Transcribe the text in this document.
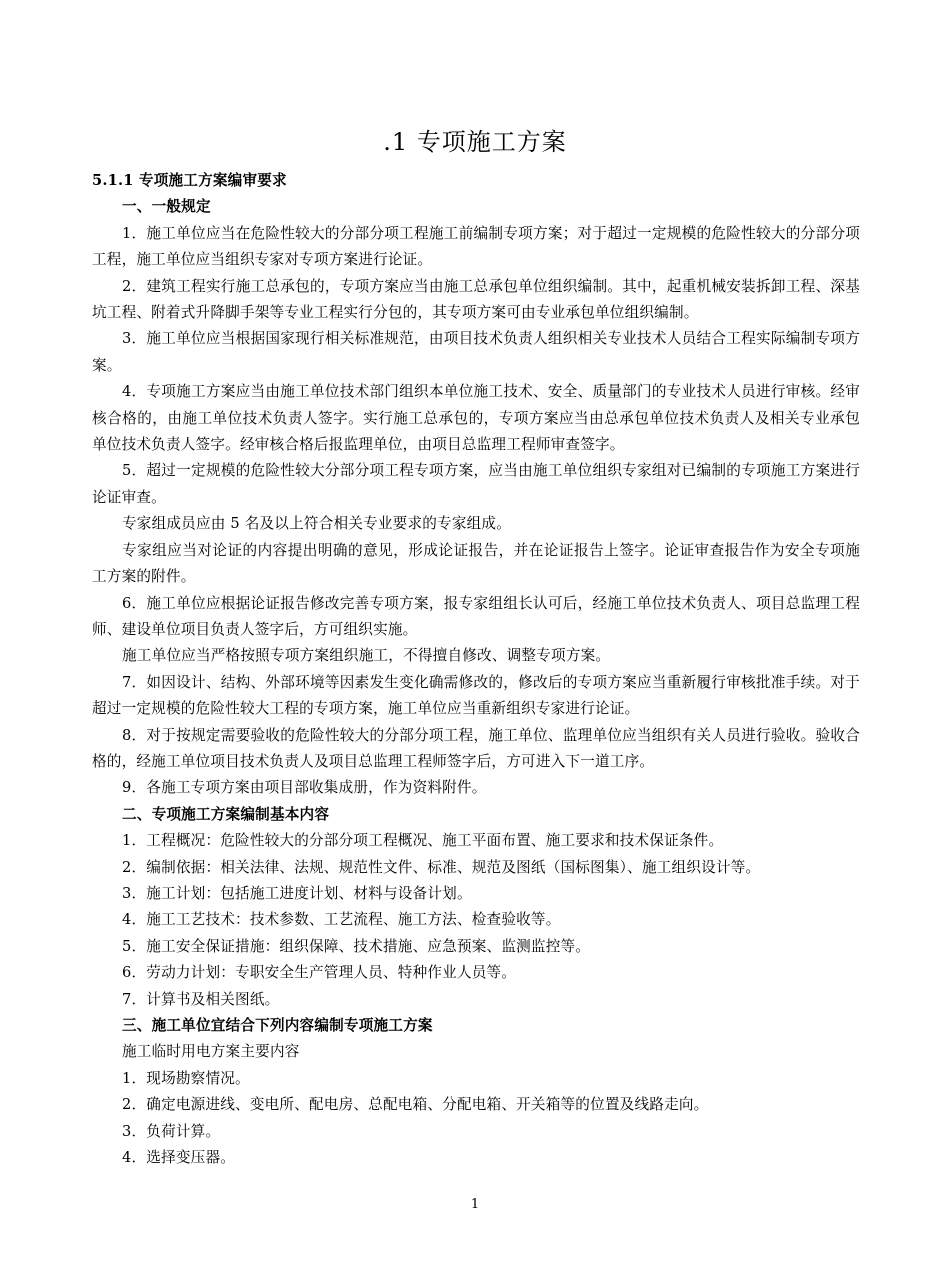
.1 专项施工方案

5.1.1 专项施工方案编审要求

一、一般规定

1．施工单位应当在危险性较大的分部分项工程施工前编制专项方案；对于超过一定规模的危险性较大的分部分项工程，施工单位应当组织专家对专项方案进行论证。

2．建筑工程实行施工总承包的，专项方案应当由施工总承包单位组织编制。其中，起重机械安装拆卸工程、深基坑工程、附着式升降脚手架等专业工程实行分包的，其专项方案可由专业承包单位组织编制。

3．施工单位应当根据国家现行相关标准规范，由项目技术负责人组织相关专业技术人员结合工程实际编制专项方案。

4．专项施工方案应当由施工单位技术部门组织本单位施工技术、安全、质量部门的专业技术人员进行审核。经审核合格的，由施工单位技术负责人签字。实行施工总承包的，专项方案应当由总承包单位技术负责人及相关专业承包单位技术负责人签字。经审核合格后报监理单位，由项目总监理工程师审查签字。

5．超过一定规模的危险性较大分部分项工程专项方案，应当由施工单位组织专家组对已编制的专项施工方案进行论证审查。

专家组成员应由 5 名及以上符合相关专业要求的专家组成。

专家组应当对论证的内容提出明确的意见，形成论证报告，并在论证报告上签字。论证审查报告作为安全专项施工方案的附件。

6．施工单位应根据论证报告修改完善专项方案，报专家组组长认可后，经施工单位技术负责人、项目总监理工程师、建设单位项目负责人签字后，方可组织实施。

施工单位应当严格按照专项方案组织施工，不得擅自修改、调整专项方案。

7．如因设计、结构、外部环境等因素发生变化确需修改的，修改后的专项方案应当重新履行审核批准手续。对于超过一定规模的危险性较大工程的专项方案，施工单位应当重新组织专家进行论证。

8．对于按规定需要验收的危险性较大的分部分项工程，施工单位、监理单位应当组织有关人员进行验收。验收合格的，经施工单位项目技术负责人及项目总监理工程师签字后，方可进入下一道工序。

9．各施工专项方案由项目部收集成册，作为资料附件。

二、专项施工方案编制基本内容

1．工程概况：危险性较大的分部分项工程概况、施工平面布置、施工要求和技术保证条件。

2．编制依据：相关法律、法规、规范性文件、标准、规范及图纸（国标图集）、施工组织设计等。

3．施工计划：包括施工进度计划、材料与设备计划。

4．施工工艺技术：技术参数、工艺流程、施工方法、检查验收等。

5．施工安全保证措施：组织保障、技术措施、应急预案、监测监控等。

6．劳动力计划：专职安全生产管理人员、特种作业人员等。

7．计算书及相关图纸。

三、施工单位宜结合下列内容编制专项施工方案

施工临时用电方案主要内容

1．现场勘察情况。

2．确定电源进线、变电所、配电房、总配电箱、分配电箱、开关箱等的位置及线路走向。

3．负荷计算。

4．选择变压器。

1
